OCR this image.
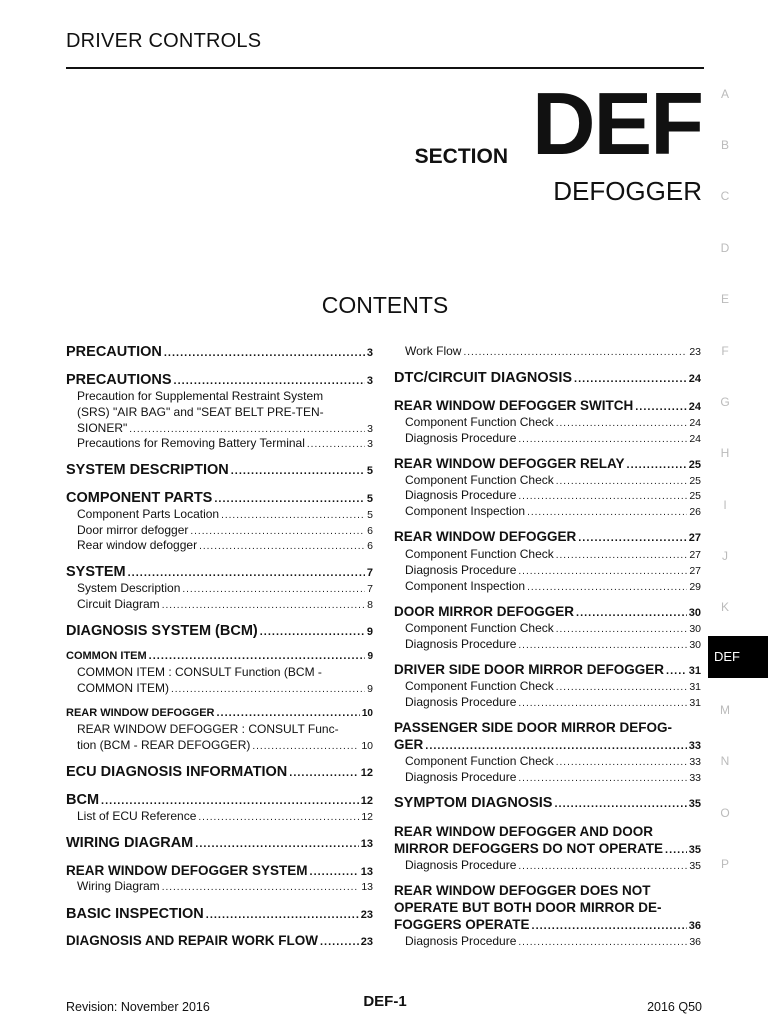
DRIVER CONTROLS
SECTION DEF
DEFOGGER
CONTENTS
PRECAUTION .....	3
PRECAUTIONS .....	3
Precaution for Supplemental Restraint System
(SRS) "AIR BAG" and "SEAT BELT PRE-TEN-
SIONER" .....	3
Precautions for Removing Battery Terminal .....	3
SYSTEM DESCRIPTION .....	5
COMPONENT PARTS .....	5
Component Parts Location .....	5
Door mirror defogger .....	6
Rear window defogger .....	6
SYSTEM .....	7
System Description .....	7
Circuit Diagram .....	8
DIAGNOSIS SYSTEM (BCM) .....	9
COMMON ITEM .....	9
COMMON ITEM : CONSULT Function (BCM -
COMMON ITEM) .....	9
REAR WINDOW DEFOGGER .....	10
REAR WINDOW DEFOGGER : CONSULT Func-
tion (BCM - REAR DEFOGGER) .....	10
ECU DIAGNOSIS INFORMATION .....	12
BCM .....	12
List of ECU Reference .....	12
WIRING DIAGRAM .....	13
REAR WINDOW DEFOGGER SYSTEM .....	13
Wiring Diagram .....	13
BASIC INSPECTION .....	23
DIAGNOSIS AND REPAIR WORK FLOW .....	23
Work Flow .....	23
DTC/CIRCUIT DIAGNOSIS .....	24
REAR WINDOW DEFOGGER SWITCH .....	24
Component Function Check .....	24
Diagnosis Procedure .....	24
REAR WINDOW DEFOGGER RELAY .....	25
Component Function Check .....	25
Diagnosis Procedure .....	25
Component Inspection .....	26
REAR WINDOW DEFOGGER .....	27
Component Function Check .....	27
Diagnosis Procedure .....	27
Component Inspection .....	29
DOOR MIRROR DEFOGGER .....	30
Component Function Check .....	30
Diagnosis Procedure .....	30
DRIVER SIDE DOOR MIRROR DEFOGGER ..... 31
Component Function Check .....	31
Diagnosis Procedure .....	31
PASSENGER SIDE DOOR MIRROR DEFOG-
GER .....	33
Component Function Check .....	33
Diagnosis Procedure .....	33
SYMPTOM DIAGNOSIS .....	35
REAR WINDOW DEFOGGER AND DOOR
MIRROR DEFOGGERS DO NOT OPERATE ..... 35
Diagnosis Procedure .....	35
REAR WINDOW DEFOGGER DOES NOT
OPERATE BUT BOTH DOOR MIRROR DE-
FOGGERS OPERATE .....	36
Diagnosis Procedure .....	36
A
B
C
D
E
F
G
H
I
J
K
DEF
M
N
O
P
Revision: November 2016	DEF-1	2016 Q50
